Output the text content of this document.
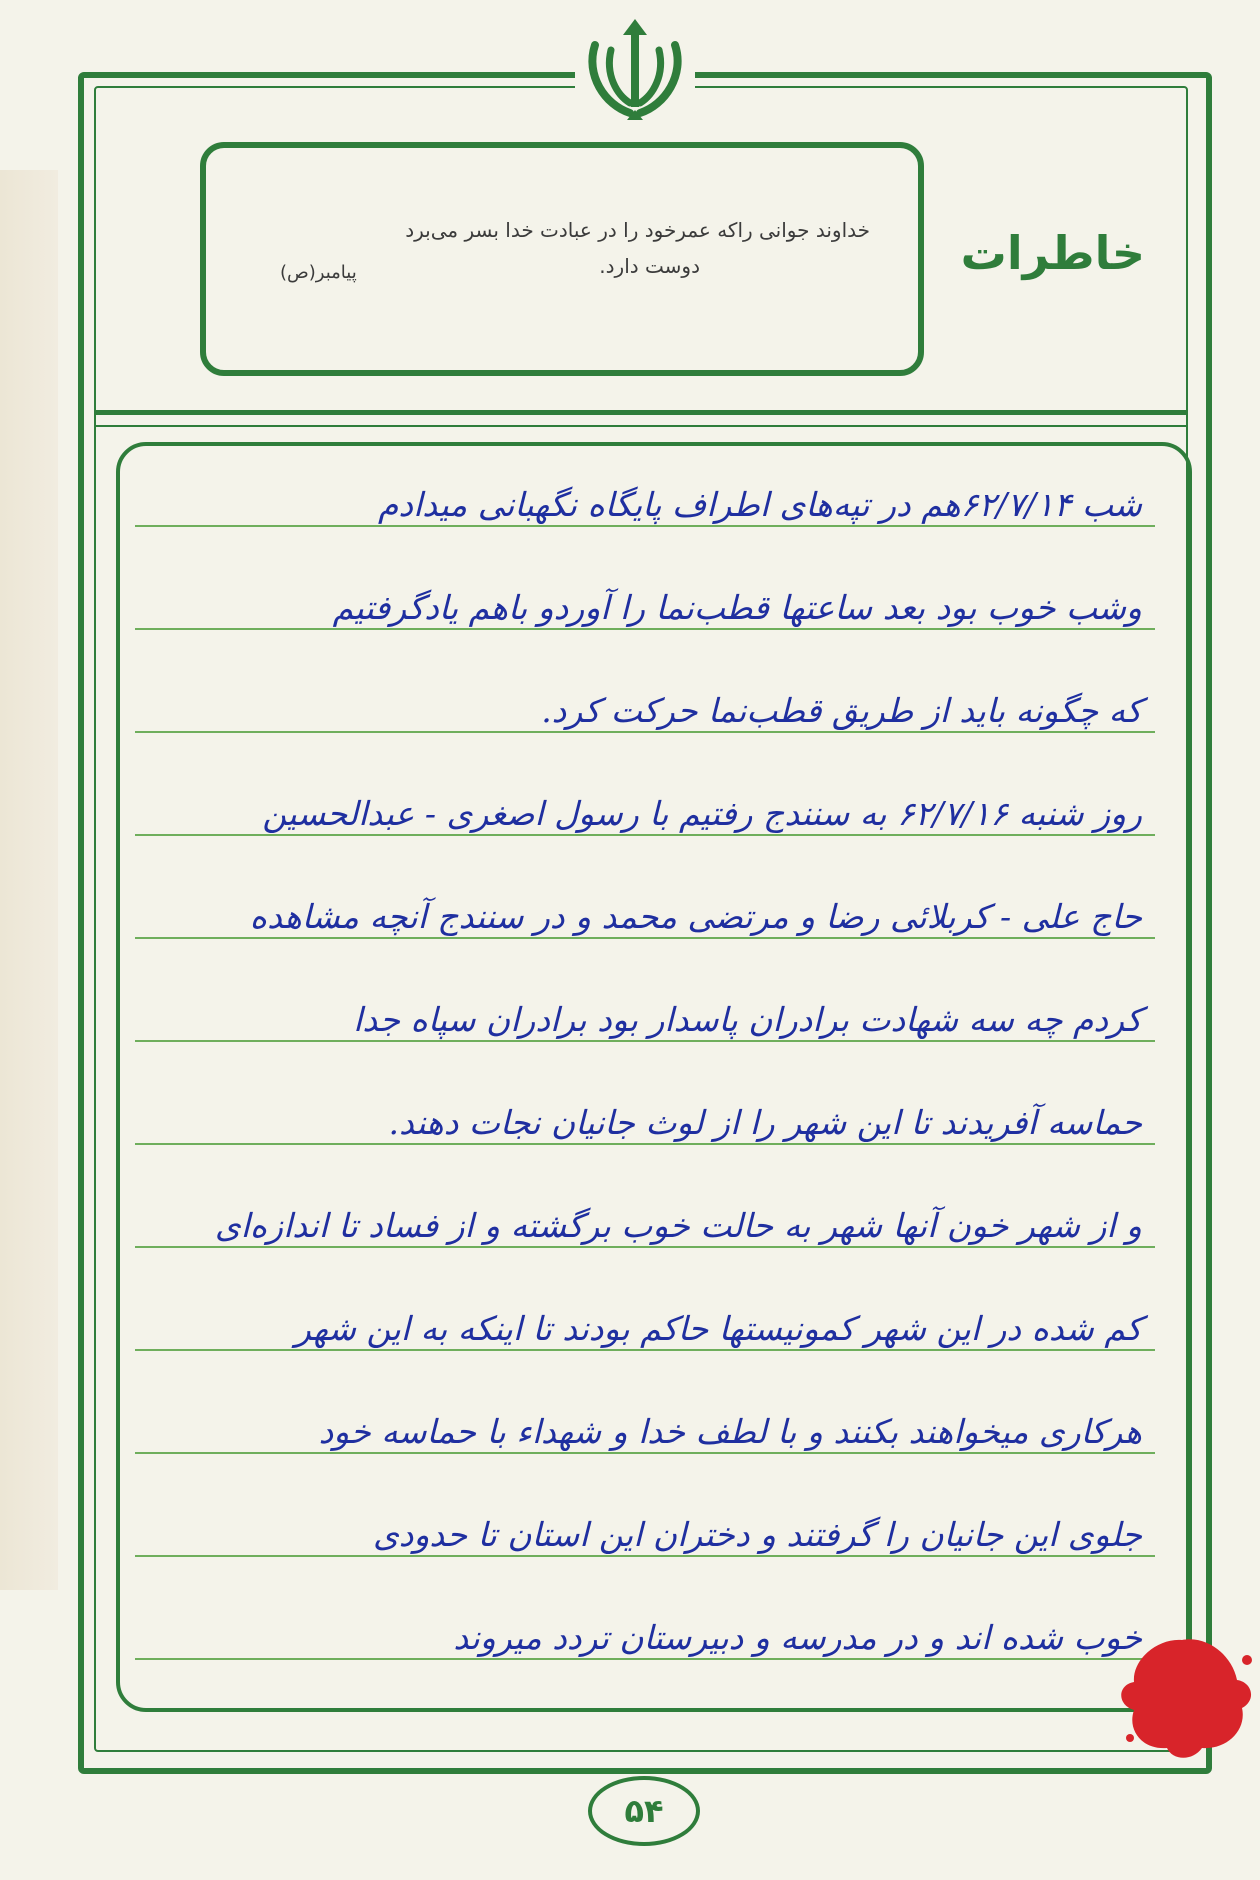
خاطرات
خداوند جوانی راکه عمرخود را در عبادت خدا بسر می‌برد
دوست دارد.
پیامبر(ص)
شب ۶۲/۷/۱۴هم در تپه‌های اطراف پایگاه نگهبانی میدادم
وشب خوب بود بعد ساعتها قطب‌نما را آوردو باهم یادگرفتیم
که چگونه باید از طریق قطب‌نما حرکت کرد.
روز شنبه ۶۲/۷/۱۶ به سنندج رفتیم با رسول اصغری - عبدالحسین
حاج علی - کربلائی رضا و مرتضی محمد و در سنندج آنچه مشاهده
کردم چه سه شهادت برادران پاسدار بود برادران سپاه جدا
حماسه آفریدند تا این شهر را از لوث جانیان نجات دهند.
و از شهر خون آنها شهر به حالت خوب برگشته و از فساد تا اندازه‌ای
کم شده در این شهر کمونیستها حاکم بودند تا اینکه به این شهر
هرکاری میخواهند بکنند و با لطف خدا و شهداء با حماسه خود
جلوی این جانیان را گرفتند و دختران این استان تا حدودی
خوب شده اند و در مدرسه و دبیرستان تردد میروند
۵۴
